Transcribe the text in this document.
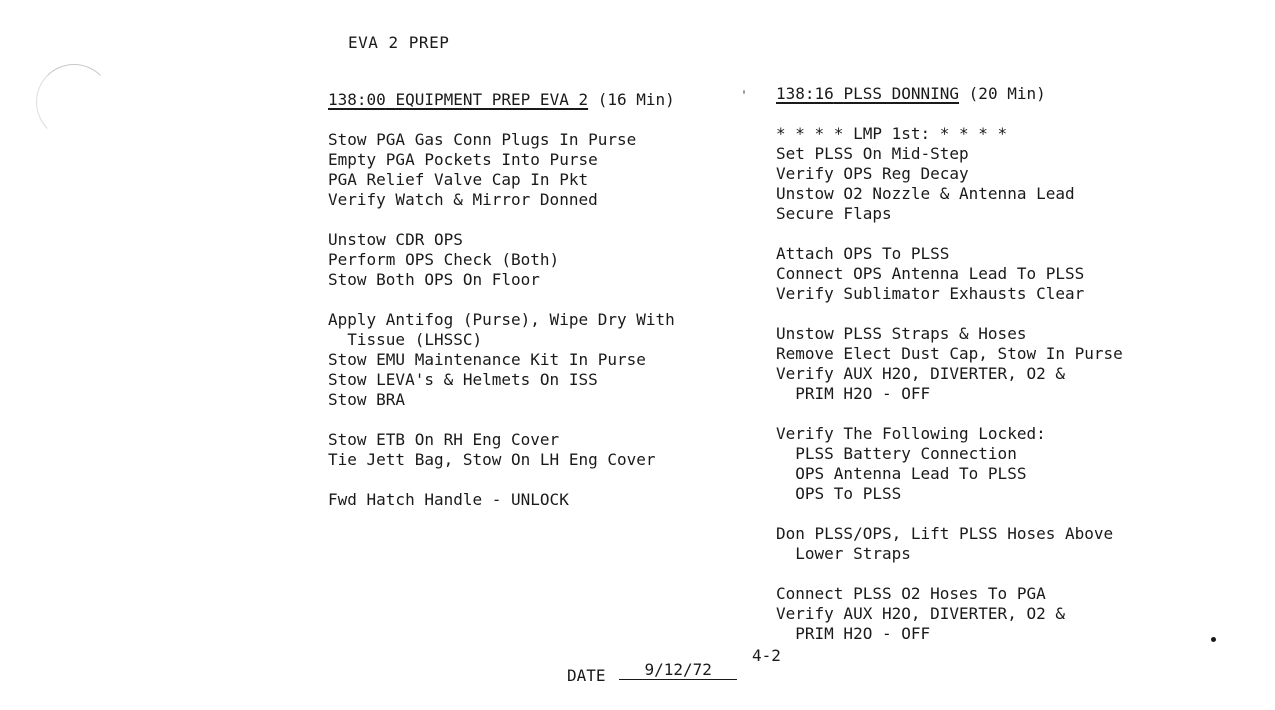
EVA 2 PREP
138:00 EQUIPMENT PREP EVA 2 (16 Min)
Stow PGA Gas Conn Plugs In Purse
Empty PGA Pockets Into Purse
PGA Relief Valve Cap In Pkt
Verify Watch & Mirror Donned
Unstow CDR OPS
Perform OPS Check (Both)
Stow Both OPS On Floor
Apply Antifog (Purse), Wipe Dry With
Tissue (LHSSC)
Stow EMU Maintenance Kit In Purse
Stow LEVA's & Helmets On ISS
Stow BRA
Stow ETB On RH Eng Cover
Tie Jett Bag, Stow On LH Eng Cover
Fwd Hatch Handle - UNLOCK
138:16 PLSS DONNING (20 Min)
* * * * LMP 1st: * * * *
Set PLSS On Mid-Step
Verify OPS Reg Decay
Unstow O2 Nozzle & Antenna Lead
Secure Flaps
Attach OPS To PLSS
Connect OPS Antenna Lead To PLSS
Verify Sublimator Exhausts Clear
Unstow PLSS Straps & Hoses
Remove Elect Dust Cap, Stow In Purse
Verify AUX H2O, DIVERTER, O2 &
PRIM H2O - OFF
Verify The Following Locked:
PLSS Battery Connection
OPS Antenna Lead To PLSS
OPS To PLSS
Don PLSS/OPS, Lift PLSS Hoses Above
Lower Straps
Connect PLSS O2 Hoses To PGA
Verify AUX H2O, DIVERTER, O2 &
PRIM H2O - OFF
4-2
DATE 9/12/72
